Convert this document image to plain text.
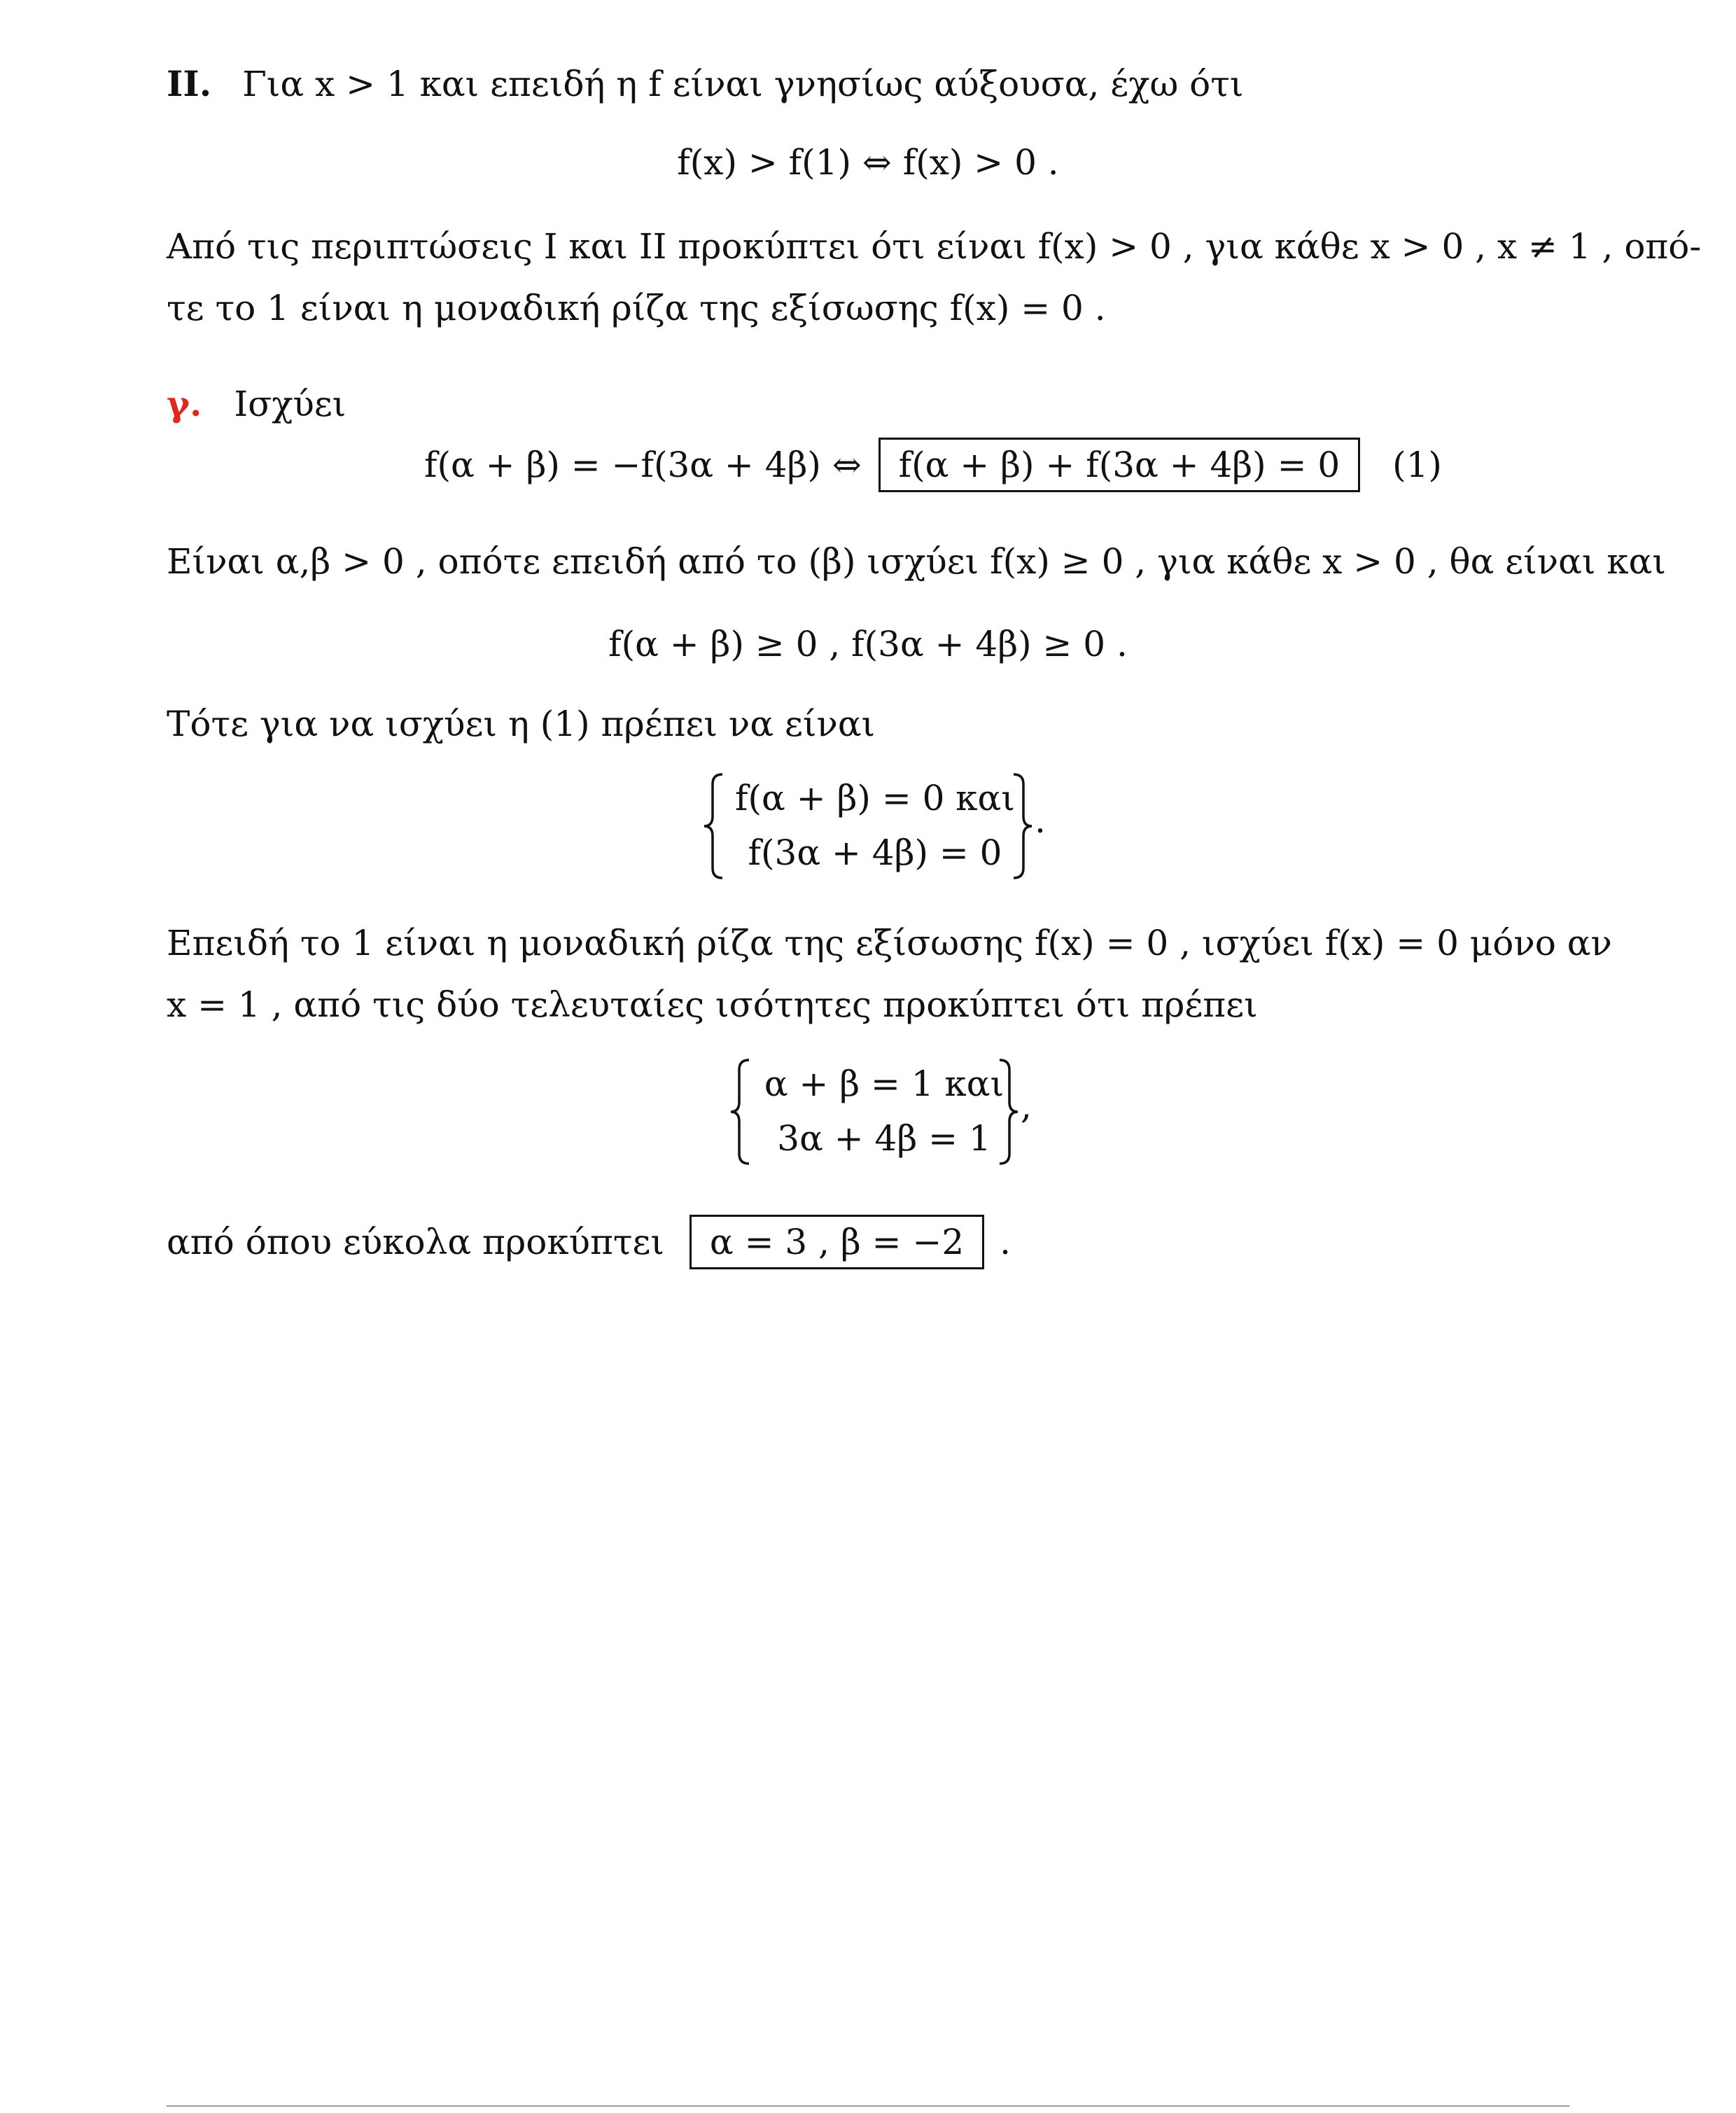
ΙΙ. Για x > 1 και επειδή η f είναι γνησίως αύξουσα, έχω ότι
f(x) > f(1) ⇔ f(x) > 0 .
Από τις περιπτώσεις Ι και ΙΙ προκύπτει ότι είναι f(x) > 0 , για κάθε x > 0 , x ≠ 1 , οπό-
τε το 1 είναι η μοναδική ρίζα της εξίσωσης f(x) = 0 .
γ. Ισχύει
f(α + β) = −f(3α + 4β) ⇔ f(α + β) + f(3α + 4β) = 0 (1)
Είναι α,β > 0 , οπότε επειδή από το (β) ισχύει f(x) ≥ 0 , για κάθε x > 0 , θα είναι και
f(α + β) ≥ 0 , f(3α + 4β) ≥ 0 .
Τότε για να ισχύει η (1) πρέπει να είναι
f(α + β) = 0 και
f(3α + 4β) = 0
.
Επειδή το 1 είναι η μοναδική ρίζα της εξίσωσης f(x) = 0 , ισχύει f(x) = 0 μόνο αν
x = 1 , από τις δύο τελευταίες ισότητες προκύπτει ότι πρέπει
α + β = 1 και
3α + 4β = 1
,
από όπου εύκολα προκύπτει α = 3 , β = −2 .
